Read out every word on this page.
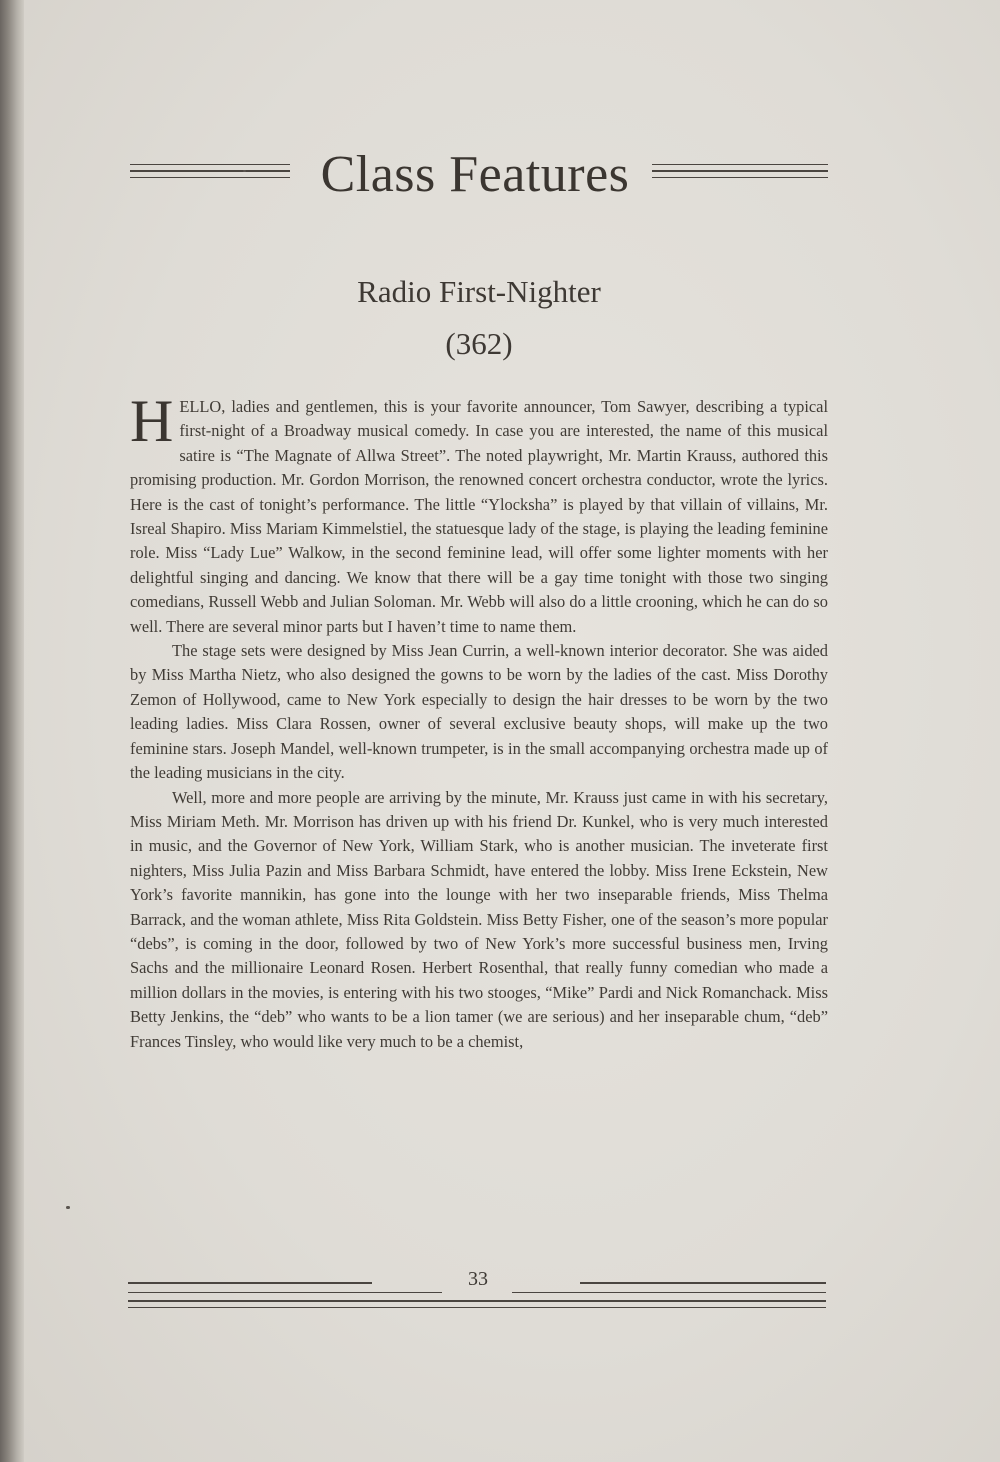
Class Features
Radio First-Nighter
(362)

HELLO, ladies and gentlemen, this is your favorite announcer, Tom Sawyer, describing a typical first-night of a Broadway musical comedy. In case you are interested, the name of this musical satire is “The Magnate of Allwa Street”. The noted playwright, Mr. Martin Krauss, authored this promising production. Mr. Gordon Morrison, the renowned concert orchestra conductor, wrote the lyrics. Here is the cast of tonight’s performance. The little “Ylocksha” is played by that villain of villains, Mr. Isreal Shapiro. Miss Mariam Kimmelstiel, the statuesque lady of the stage, is playing the leading feminine role. Miss “Lady Lue” Walkow, in the second feminine lead, will offer some lighter moments with her delightful singing and dancing. We know that there will be a gay time tonight with those two singing comedians, Russell Webb and Julian Soloman. Mr. Webb will also do a little crooning, which he can do so well. There are several minor parts but I haven’t time to name them.

The stage sets were designed by Miss Jean Currin, a well-known interior decorator. She was aided by Miss Martha Nietz, who also designed the gowns to be worn by the ladies of the cast. Miss Dorothy Zemon of Hollywood, came to New York especially to design the hair dresses to be worn by the two leading ladies. Miss Clara Rossen, owner of several exclusive beauty shops, will make up the two feminine stars. Joseph Mandel, well-known trumpeter, is in the small accompanying orchestra made up of the leading musicians in the city.

Well, more and more people are arriving by the minute, Mr. Krauss just came in with his secretary, Miss Miriam Meth. Mr. Morrison has driven up with his friend Dr. Kunkel, who is very much interested in music, and the Governor of New York, William Stark, who is another musician. The inveterate first nighters, Miss Julia Pazin and Miss Barbara Schmidt, have entered the lobby. Miss Irene Eckstein, New York’s favorite mannikin, has gone into the lounge with her two inseparable friends, Miss Thelma Barrack, and the woman athlete, Miss Rita Goldstein. Miss Betty Fisher, one of the season’s more popular “debs”, is coming in the door, followed by two of New York’s more successful business men, Irving Sachs and the millionaire Leonard Rosen. Herbert Rosenthal, that really funny comedian who made a million dollars in the movies, is entering with his two stooges, “Mike” Pardi and Nick Romanchack. Miss Betty Jenkins, the “deb” who wants to be a lion tamer (we are serious) and her inseparable chum, “deb” Frances Tinsley, who would like very much to be a chemist,

33
